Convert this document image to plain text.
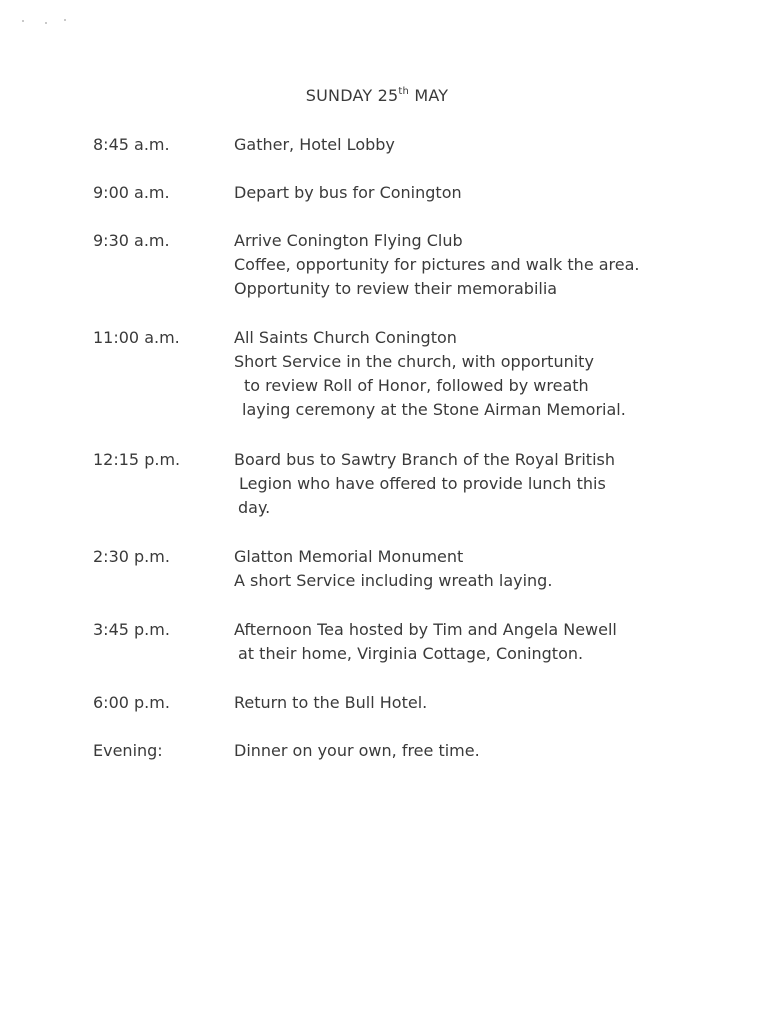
SUNDAY 25th MAY
8:45 a.m.	Gather, Hotel Lobby
9:00 a.m.	Depart by bus for Conington
9:30 a.m.	Arrive Conington Flying Club
Coffee, opportunity for pictures and walk the area.
Opportunity to review their memorabilia
11:00 a.m.	All Saints Church Conington
Short Service in the church, with opportunity
to review Roll of Honor, followed by wreath
laying ceremony at the Stone Airman Memorial.
12:15 p.m.	Board bus to Sawtry Branch of the Royal British
Legion who have offered to provide lunch this
day.
2:30 p.m.	Glatton Memorial Monument
A short Service including wreath laying.
3:45 p.m.	Afternoon Tea hosted by Tim and Angela Newell
at their home, Virginia Cottage, Conington.
6:00 p.m.	Return to the Bull Hotel.
Evening:	Dinner on your own, free time.
